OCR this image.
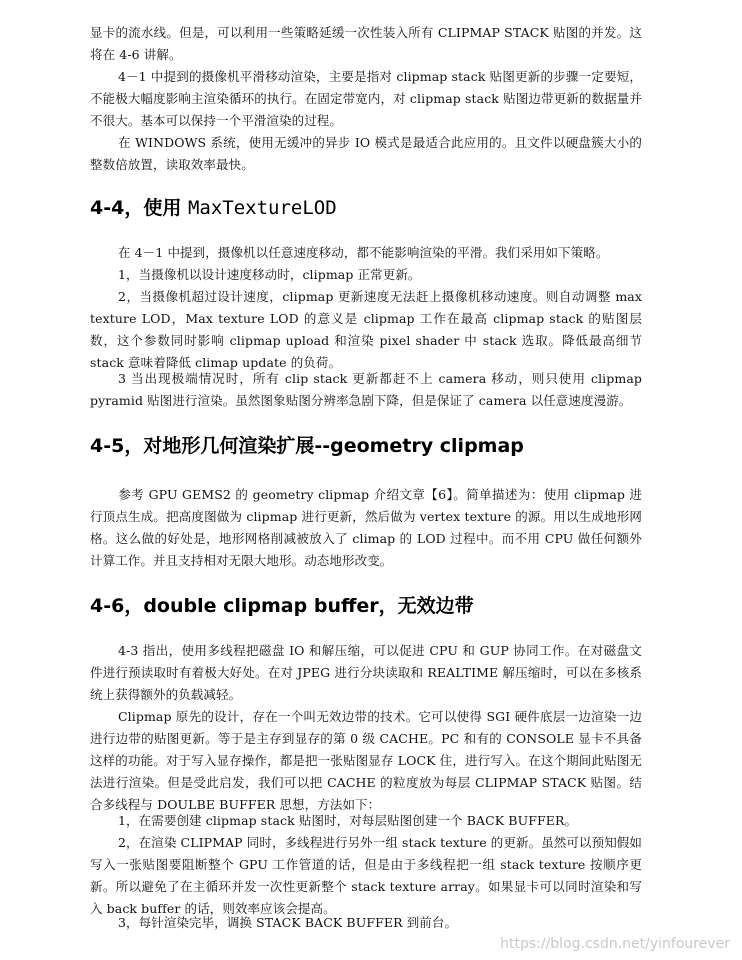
显卡的流水线。但是，可以利用一些策略延缓一次性装入所有 CLIPMAP STACK 贴图的并发。这将在 4-6 讲解。

4－1 中提到的摄像机平滑移动渲染，主要是指对 clipmap stack 贴图更新的步骤一定要短，不能极大幅度影响主渲染循环的执行。在固定带宽内，对 clipmap stack 贴图边带更新的数据量并不很大。基本可以保持一个平滑渲染的过程。

在 WINDOWS 系统，使用无缓冲的异步 IO 模式是最适合此应用的。且文件以硬盘簇大小的整数倍放置，读取效率最快。

4-4，使用 MaxTextureLOD

在 4－1 中提到，摄像机以任意速度移动，都不能影响渲染的平滑。我们采用如下策略。

1，当摄像机以设计速度移动时，clipmap 正常更新。

2，当摄像机超过设计速度，clipmap 更新速度无法赶上摄像机移动速度。则自动调整 max texture LOD，Max texture LOD 的意义是 clipmap 工作在最高 clipmap stack 的贴图层数，这个参数同时影响 clipmap upload 和渲染 pixel shader 中 stack 选取。降低最高细节 stack 意味着降低 climap update 的负荷。

3 当出现极端情况时，所有 clip stack 更新都赶不上 camera 移动，则只使用 clipmap pyramid 贴图进行渲染。虽然图象贴图分辨率急剧下降，但是保证了 camera 以任意速度漫游。

4-5，对地形几何渲染扩展--geometry clipmap

参考 GPU GEMS2 的 geometry clipmap 介绍文章【6】。简单描述为：使用 clipmap 进行顶点生成。把高度图做为 clipmap 进行更新，然后做为 vertex texture 的源。用以生成地形网格。这么做的好处是，地形网格削减被放入了 climap 的 LOD 过程中。而不用 CPU 做任何额外计算工作。并且支持相对无限大地形。动态地形改变。

4-6，double clipmap buffer，无效边带

4-3 指出，使用多线程把磁盘 IO 和解压缩，可以促进 CPU 和 GUP 协同工作。在对磁盘文件进行预读取时有着极大好处。在对 JPEG 进行分块读取和 REALTIME 解压缩时，可以在多核系统上获得额外的负载减轻。

Clipmap 原先的设计，存在一个叫无效边带的技术。它可以使得 SGI 硬件底层一边渲染一边进行边带的贴图更新。等于是主存到显存的第 0 级 CACHE。PC 和有的 CONSOLE 显卡不具备这样的功能。对于写入显存操作，都是把一张贴图显存 LOCK 住，进行写入。在这个期间此贴图无法进行渲染。但是受此启发，我们可以把 CACHE 的粒度放为每层 CLIPMAP STACK 贴图。结合多线程与 DOULBE BUFFER 思想，方法如下：

1，在需要创建 clipmap stack 贴图时，对每层贴图创建一个 BACK BUFFER。

2，在渲染 CLIPMAP 同时，多线程进行另外一组 stack texture 的更新。虽然可以预知假如写入一张贴图要阻断整个 GPU 工作管道的话，但是由于多线程把一组 stack texture 按顺序更新。所以避免了在主循环并发一次性更新整个 stack texture array。如果显卡可以同时渲染和写入 back buffer 的话，则效率应该会提高。

3，每针渲染完毕，调换 STACK BACK BUFFER 到前台。

https://blog.csdn.net/yinfourever
